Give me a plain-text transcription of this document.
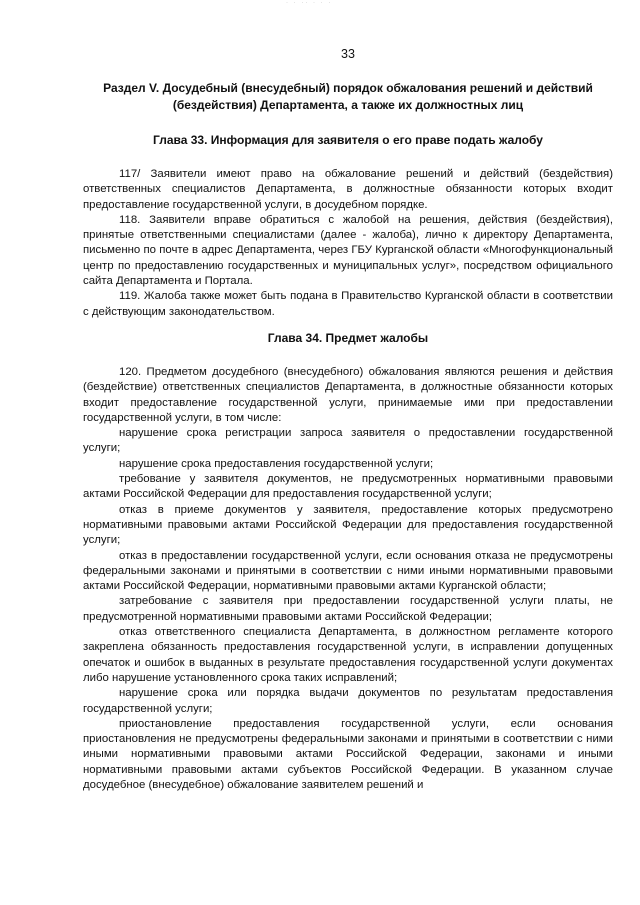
· · ·· · · ·
33
Раздел V. Досудебный (внесудебный) порядок обжалования решений и действий (бездействия) Департамента, а также их должностных лиц
Глава 33. Информация для заявителя о его праве подать жалобу

117/ Заявители имеют право на обжалование решений и действий (бездействия) ответственных специалистов Департамента, в должностные обязанности которых входит предоставление государственной услуги, в досудебном порядке.

118. Заявители вправе обратиться с жалобой на решения, действия (бездействия), принятые ответственными специалистами (далее - жалоба), лично к директору Департамента, письменно по почте в адрес Департамента, через ГБУ Курганской области «Многофункциональный центр по предоставлению государственных и муниципальных услуг», посредством официального сайта Департамента и Портала.

119. Жалоба также может быть подана в Правительство Курганской области в соответствии с действующим законодательством.

Глава 34. Предмет жалобы

120. Предметом досудебного (внесудебного) обжалования являются решения и действия (бездействие) ответственных специалистов Департамента, в должностные обязанности которых входит предоставление государственной услуги, принимаемые ими при предоставлении государственной услуги, в том числе:

нарушение срока регистрации запроса заявителя о предоставлении государственной услуги;

нарушение срока предоставления государственной услуги;

требование у заявителя документов, не предусмотренных нормативными правовыми актами Российской Федерации для предоставления государственной услуги;

отказ в приеме документов у заявителя, предоставление которых предусмотрено нормативными правовыми актами Российской Федерации для предоставления государственной услуги;

отказ в предоставлении государственной услуги, если основания отказа не предусмотрены федеральными законами и принятыми в соответствии с ними иными нормативными правовыми актами Российской Федерации, нормативными правовыми актами Курганской области;

затребование с заявителя при предоставлении государственной услуги платы, не предусмотренной нормативными правовыми актами Российской Федерации;

отказ ответственного специалиста Департамента, в должностном регламенте которого закреплена обязанность предоставления государственной услуги, в исправлении допущенных опечаток и ошибок в выданных в результате предоставления государственной услуги документах либо нарушение установленного срока таких исправлений;

нарушение срока или порядка выдачи документов по результатам предоставления государственной услуги;

приостановление предоставления государственной услуги, если основания приостановления не предусмотрены федеральными законами и принятыми в соответствии с ними иными нормативными правовыми актами Российской Федерации, законами и иными нормативными правовыми актами субъектов Российской Федерации. В указанном случае досудебное (внесудебное) обжалование заявителем решений и
